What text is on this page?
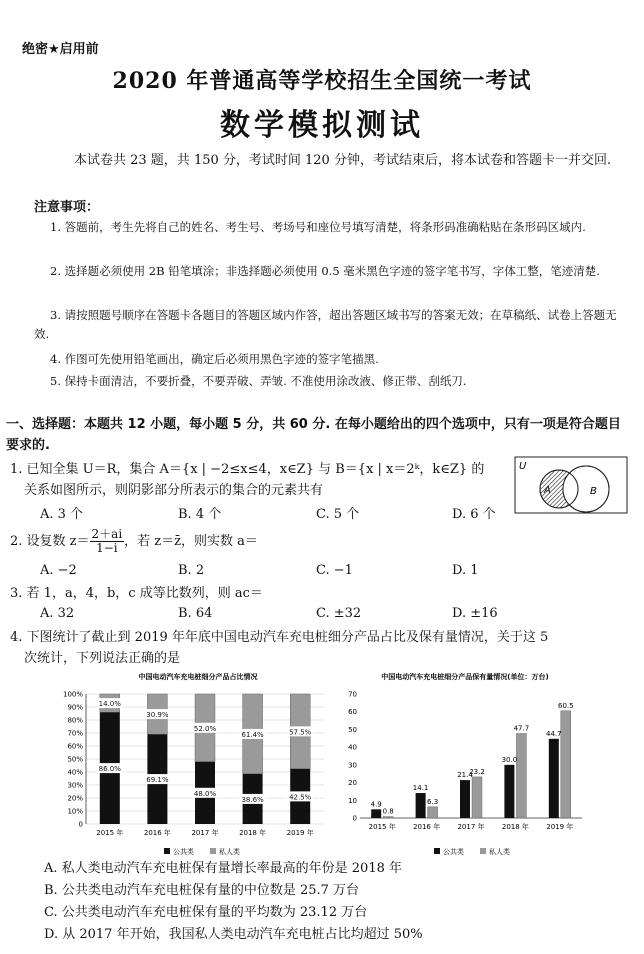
绝密★启用前
2020 年普通高等学校招生全国统一考试
数学模拟测试
本试卷共 23 题，共 150 分，考试时间 120 分钟，考试结束后，将本试卷和答题卡一并交回.
注意事项：
1. 答题前，考生先将自己的姓名、考生号、考场号和座位号填写清楚，将条形码准确粘贴在条形码区域内.
2. 选择题必须使用 2B 铅笔填涂；非选择题必须使用 0.5 毫米黑色字迹的签字笔书写，字体工整，笔迹清楚.
3. 请按照题号顺序在答题卡各题目的答题区域内作答，超出答题区域书写的答案无效；在草稿纸、试卷上答题无效.
4. 作图可先使用铅笔画出，确定后必须用黑色字迹的签字笔描黑.
5. 保持卡面清洁，不要折叠，不要弄破、弄皱. 不准使用涂改液、修正带、刮纸刀.
一、选择题：本题共 12 小题，每小题 5 分，共 60 分. 在每小题给出的四个选项中，只有一项是符合题目要求的.
1. 已知全集 U＝R，集合 A＝{x | −2≤x≤4，x∈Z} 与 B＝{x | x＝2ᵏ，k∈Z} 的
关系如图所示，则阴影部分所表示的集合的元素共有
A. 3 个	B. 4 个	C. 5 个	D. 6 个
U
A	B
2. 设复数 $z= \frac{2+ai}{1-i}$ ，若 z＝z̄，则实数 a＝
A. −2	B. 2	C. −1	D. 1
3. 若 1，a，4，b，c 成等比数列，则 ac＝
A. 32	B. 64	C. ±32	D. ±16
4. 下图统计了截止到 2019 年年底中国电动汽车充电桩细分产品占比及保有量情况，关于这 5
次统计，下列说法正确的是
中国电动汽车充电桩细分产品占比情况
0
10%
20%
30%
40%
50%
60%
70%
80%
90%
100%
86.0%
14.0%
2015 年
69.1%
30.9%
2016 年
48.0%
52.0%
2017 年
38.6%
61.4%
2018 年
42.5%
57.5%
2019 年
公共类	私人类
中国电动汽车充电桩细分产品保有量情况(单位：万台)
0
10
20
30
40
50
60
70
4.9
0.8
2015 年
14.1
6.3
2016 年
21.4
23.2
2017 年
30.0
47.7
2018 年
44.7
60.5
2019 年
公共类	私人类
A. 私人类电动汽车充电桩保有量增长率最高的年份是 2018 年
B. 公共类电动汽车充电桩保有量的中位数是 25.7 万台
C. 公共类电动汽车充电桩保有量的平均数为 23.12 万台
D. 从 2017 年开始，我国私人类电动汽车充电桩占比均超过 50%
